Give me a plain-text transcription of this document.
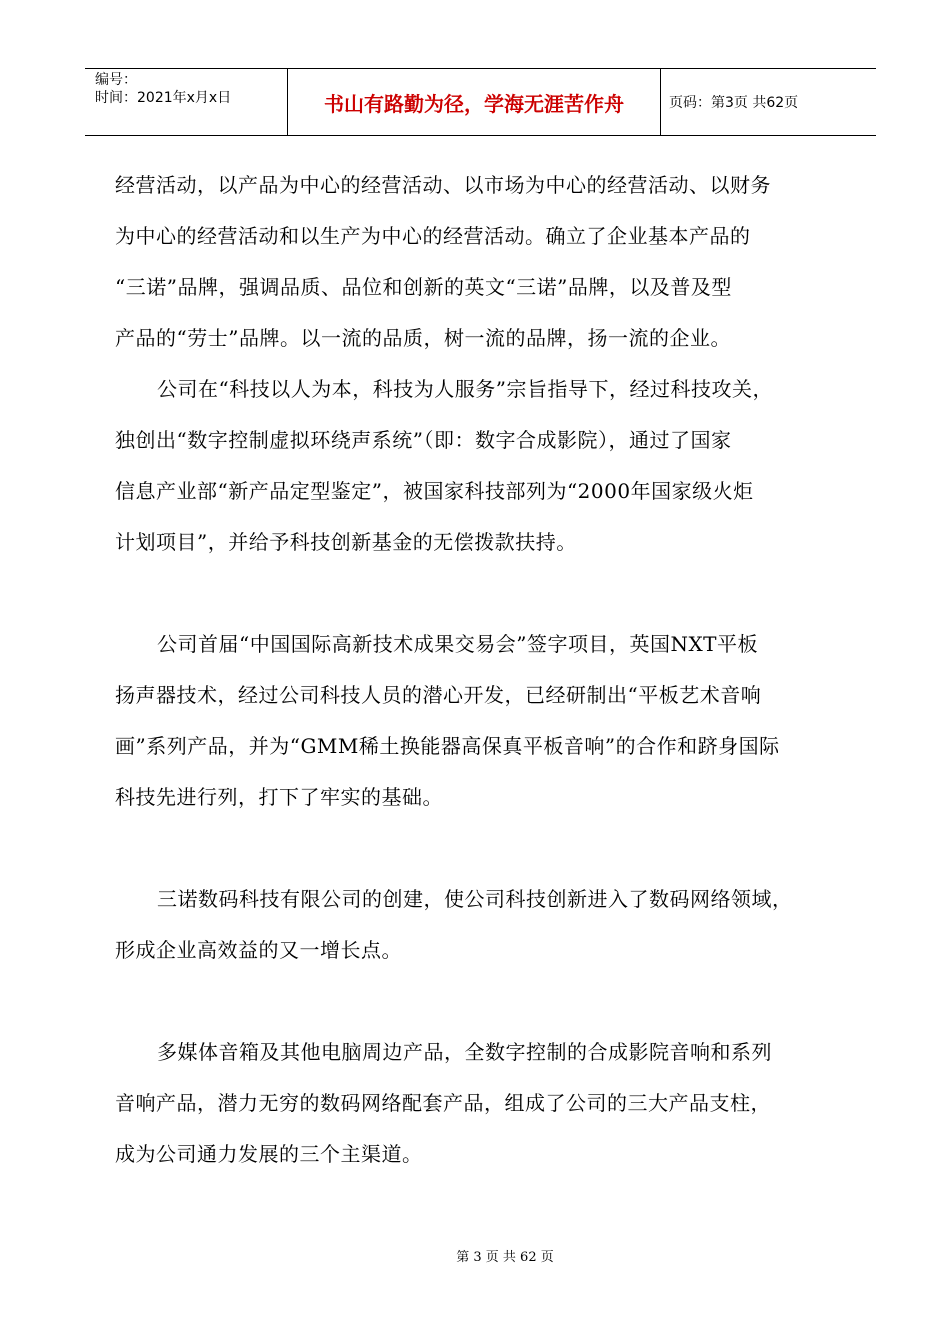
编号：
时间：2021年x月x日	书山有路勤为径，学海无涯苦作舟	页码：第3页 共62页

经营活动，以产品为中心的经营活动、以市场为中心的经营活动、以财务
为中心的经营活动和以生产为中心的经营活动。确立了企业基本产品的
“三诺”品牌，强调品质、品位和创新的英文“三诺”品牌，以及普及型
产品的“劳士”品牌。以一流的品质，树一流的品牌，扬一流的企业。

公司在“科技以人为本，科技为人服务”宗旨指导下，经过科技攻关，
独创出“数字控制虚拟环绕声系统”（即：数字合成影院），通过了国家
信息产业部“新产品定型鉴定”，被国家科技部列为“2000年国家级火炬
计划项目”，并给予科技创新基金的无偿拨款扶持。

公司首届“中国国际高新技术成果交易会”签字项目，英国NXT平板
扬声器技术，经过公司科技人员的潜心开发，已经研制出“平板艺术音响
画”系列产品，并为“GMM稀土换能器高保真平板音响”的合作和跻身国际
科技先进行列，打下了牢实的基础。

三诺数码科技有限公司的创建，使公司科技创新进入了数码网络领域，
形成企业高效益的又一增长点。

多媒体音箱及其他电脑周边产品，全数字控制的合成影院音响和系列
音响产品，潜力无穷的数码网络配套产品，组成了公司的三大产品支柱，
成为公司通力发展的三个主渠道。

第 3 页 共 62 页
